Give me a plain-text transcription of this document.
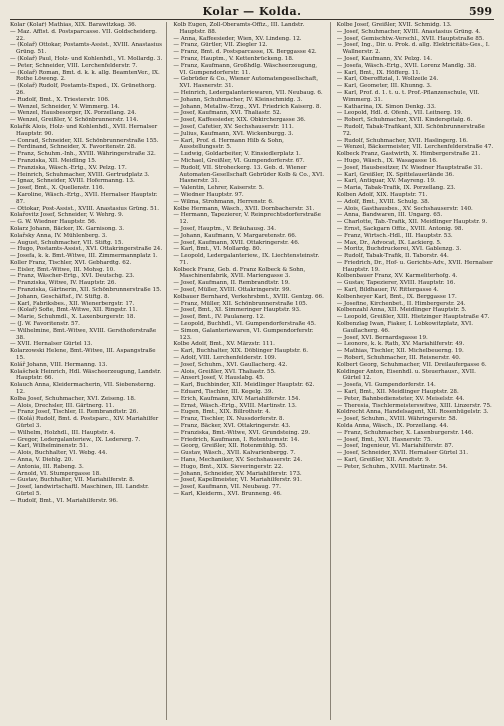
Kolar — Kolda.	599

Kolar (Kolař) Mathias, XIX. Barawitzkag. 36.

— Maz. Affist. d. Postsparcasse. VII. Goldscheiderg. 22.

— (Kolař) Ottokar, Postamts-Assist., XVIII. Anastasius Grüng. 51.

— (Kolař) Paul, Holz- und Kohlenhdl., VI. Mollardg. 3.

— Peter, Schneider, VIII. Lerchenfelderstr. 7.

— (Kolař) Roman, Bmt. d. k. k. allg. BeamtenVer., IX. Rothe Löweng. 2.

— (Kolař) Rudolf, Postamts-Exped., IX. Grünethorg. 26.

— Rudolf, Bmt., X. Triesterstr. 106.

— Wenzel, Schneider, V. Wimmerg. 14.

— Wenzel, Hausbesorger, IX. Porzellang. 24.

— Wenzel, Greißler, V. Schönbrunnerstr. 114.

Kolařik Alois, Holz- und Kohlenhdl., XVII. Hernalser Hauptstr. 90.

— Conrad, Schneider, XII. Schönbrunnerstraße 155.

— Ferdinand, Schneider, X. Favoritenstr. 28.

— Franz, Schuhm.-Inh., XVIII. Währingerstraße 32.

— Franziska, XII. Meidling 15.

— Franziska, Wäsch.-Ertg., XV. Pelzg. 17.

— Heinrich, Schuhmacher, XVIII. Gertrudplatz 3.

— Ignaz, Schneider, XVIII. Hofermanng. 13.

— Josef, Bmt., X. Quellenstr. 116.

— Karoline, Wäsch.-Ertg., XVII. Hernalser Hauptstr. 87.

— Ottokar, Post-Assist., XVIII. Anastasius Grüng. 51.

Kolařovitz Josef, Schneider, V. Wehrg. 9.

— G. W. Wiedner Hauptstr. 56.

Kolarz Johann, Bäcker, IX. Garnisong. 3.

Kolařsky Anna, IV. Mühlenberg. 3.

— August, Schuhmacher, VII. Stiftg. 15.

— Hugo, Postamts-Assist., XVI. Ottakringerstraße 24.

— Josefa, k. k. Bmt.-Witwe, III. Zimmermannplatz 1.

Koller Franz, Tischler, XVI. Gebhardtg. 62.

— Eisler, Bmt.-Witwe, III. Mohsg. 10.

— Franz, Wäscher-Ertg., XVI. Deutschg. 23.

— Franziska, Witwe, IV. Hauptstr. 26.

— Franziska, Gärtnerin, XII. Schönbrunnerstraße 15.

— Johann, Geschäftsf., IV. Stiftg. 8.

— Karl, Fabriksbes., XII. Wienerbergstr. 17.

— (Kolař) Sofie, Bmt.-Witwe, XII. Ringstr. 11.

— Marie, Schuhmdl., X. Laxenburgerstr. 18.

— (J. W. Favoritenstr. 57.

— Wilhelmine, Bmt.-Witwe, XVIII. Gersthoferstraße 38.

— XVII. Hernalser Gürtel 13.

Kolarzowski Helene, Bmt.-Witwe, III. Aspangstraße 15.

Kolář Johann, VIII. Hermanng. 13.

Kolašchek Heinrich, Hdl. Wäscheerzeugung, Landstr. Hauptstr. 66.

Kolauch Anna, Kleidermacherin, VII. Siebensterng. 12.

Kolba Josef, Schuhmacher, XVI. Zeiseng. 18.

— Alois, Drechsler, III. Gärtnerg. 11.

— Franz Josef, Tischler, II. Rembrandtstr. 26.

— (Kolá) Rudolf, Bmt. d. Postsparc., XIV. Mariahilfer Gürtel 3.

— Wilhelm, Holzhdl., III. Hauptstr. 4.

— Gregor, Ledergalanteriew., IX. Ledererg. 7.

— Karl, Wilhelminenstr. 51.

— Alois, Buchhalter, VI. Webg. 44.

— Anna, V. Diehlg. 20.

— Antonia, III. Rabeng. 3.

— Arnold, VI. Stumpergasse 18.

— Gustav, Buchhalter, VII. Mariahilferstr. 8.

— Josef, landwirtschaftl. Maschinen, III. Landstr. Gürtel 5.

— Rudolf, Bmt., VI. Mariahilferstr. 96.

Kolb Eugen, Zoll-Oberamts-Offiz., III. Landstr. Hauptstr. 88.

— Anna, Kaffeesieder, Wien, XV. Lindeng. 12.

— Franz, Gürtler, VII. Ziegler 12.

— Franz, Bmt. d. Postsparcasse, IX. Berggasse 42.

— Franz, Hauptm., V. Kettenbrückeng. 18.

— Franz, Kaufmann, Großhdlg. Wäscheerzeugung, VI. Gumpendorferstr. 11.

— Gebrüder & Co., Wiener Automatengesellschaft, XVI. Hasnerstr. 31.

— Heinrich, Ledergalanteriewaren, VII. Neubaug. 6.

— Johann, Schuhmacher, IV. Kleinschmidg. 3.

— Johann, Metallw.-Erzg., XVI. Friedrich Kaiserg. 8.

— Josef, Kaufmann, XVI. Thaliastr. 52.

— Josef, Kaffeesieder, XIX. Obkirchergasse 36.

— Josef, Cafetier, XV. Sechshauserstr. 111.

— Julius, Kaufmann, XVI. Wickenburgg. 3.

— Karl, Prof. d. Hermann Hilb & Sohn, Ausstellungsstr. 5.

— Ludwig, Goldarbeiter, V. Einsiedlerplatz 1.

— Michael, Greißler, VI. Gumpendorferstr. 67.

— Rudolf, VII. Stroheckerg. 13. Geb. d. Wiener Automaten-Gesellschaft Gebrüder Kolb & Co., XVI. Hasnerstr. 31.

— Valentin, Lehrer, Kaiserstr. 5.

— Wiedner Hauptstr. 97.

— Wilma, Strohmann, Herrenstr. 6.

Kolbe Hermann, Wäsch., XVII. Dornbacherstr. 31.

— Hermann, Tapezierer, V. Reinprechtsdorferstraße 12.

— Josef, Hauptm., V. Bräuhausg. 34.

— Johann, Kaufmann, V. Margaretenstr. 66.

— Josef, Kaufmann, XVII. Ottakringerstr. 46.

— Karl, Bmt., VI. Mollardg. 80.

— Leopold, Ledergalanteriew., IX. Liechtensteinstr. 71.

Kolbeck Franz, Geb. d. Franz Kolbeck & Sohn, Maschinenfabrik, XVII. Mariengasse 3.

— Josef, Kaufmann, II. Rembrandtstr. 19.

— Josef, Müller, XVIII. Ottakringerstr. 99.

Kolbauer Bernhard, Verkehrsbmt., XVIII. Gentzg. 66.

— Franz, Müller, XII. Schönbrunnerstraße 105.

— Josef, Bmt., XI. Simmeringer Hauptstr. 93.

— Josef, Bmt., IV. Paulanerg. 12.

— Leopold, Buchhdl., VI. Gumpendorferstraße 45.

— Simon, Galanteriewaren, VI. Gumpendorferstr. 123.

Kolbe Adolf, Bmt., XV. Märzstr. 111.

— Karl, Buchhalter, XIX. Döblinger Hauptstr. 6.

— Adolf, VIII. Lerchenfelderstr. 109.

— Josef, Schuhm., XVI. Gaullacherg. 42.

— Alois, Greißler, XVI. Thaliastr. 55.

— Ansert Josef, V. Hauslabg. 45.

— Karl, Buchbinder, XII. Meidlinger Hauptstr. 62.

— Eduard, Tischler, III. Kegelg. 39.

— Erich, Kaufmann, XIV. Mariahilferstr. 154.

— Ernst, Wäsch.-Ertg., XVIII. Martinstr. 13.

— Eugen, Bmt., XIX. Billrothstr. 4.

— Franz, Tischler, IX. Nussdorferstr. 8.

— Franz, Bäcker, XVI. Ottakringerstr. 43.

— Franziska, Bmt.-Witwe, XVI. Grundsteing. 29.

— Friedrich, Kaufmann, I. Rotenturmstr. 14.

— Georg, Greißler, XII. Rotenmühlg. 55.

— Gustav, Wäsch., XVII. Kalvarienbergg. 7.

— Hans, Mechaniker, XV. Sechshauserstr. 24.

— Hugo, Bmt., XIX. Sieveringerstr. 22.

— Johann, Schneider, XV. Mariahilferstr. 173.

— Josef, Kapellmeister, VI. Mariahilferstr. 91.

— Josef, Kaufmann, VII. Neubaug. 77.

— Karl, Kleiderm., XVI. Brunneng. 46.

Kolbe Josef, Greißler, XVII. Schmidg. 13.

— Josef, Schuhmacher, XVIII. Anastasius Grüng. 4.

— Josef, Gemischtw.-Verschl., XVII. Hauptstraße 85.

— Josef, Ing., Dir. u. Prok. d. allg. Elektricitäts-Ges., I. Wallnerstr. 2.

— Josef, Kaufmann, XV. Pelzg. 14.

— Josefa, Wäsch.-Ertg., XVII. Lorenz Mandlg. 38.

— Karl, Bmt., IX. Höfferg. 11.

— Karl, Oberoffizial, I. Wollzeile 24.

— Karl, Geometer, III. Khunng. 3.

— Karl, Prof. d. 1. t. u. t. Prof.-Pflanzenschule, VII. Wimmerg. 31.

— Katharina, IX. Simon Denkg. 33.

— Leopold, Hdl. d. Ofenh., VII. Leitnerg. 19.

— Robert, Schuhmacher, XVII. Kinderspitalg. 6.

— Rudolf, Tabak-Trafikant, XII. Schönbrunnerstraße 72.

— Rudolf, Schuhmacher, XVII. Haslingerg. 16.

— Wenzel, Bäckermeister, VII. Lerchenfelderstraße 47.

Kolbeck Franz, Gastwirth, X. Himbergerstraße 21.

— Hugo, Wäsch., IX. Wasagasse 16.

— Josef, Hausbesitzer, IV. Wiedner Hauptstraße 31.

— Karl, Greißler, IX. Spittelauerlände 36.

— Karl, Antiquar, XV. Mayreng. 19.

— Maria, Tabak-Trafik, IX. Porzellang. 23.

Kolben Adolf, XIX. Hauptstr. 71.

— Adolf, Bmt., XVIII. Schulg. 38.

— Alois, Gasthausbes., XV. Sechshauserstr. 140.

— Anna, Bandwaren, III. Ungarg. 65.

— Charlotte, Tab.-Trafik, XII. Meidlinger Hauptstr. 9.

— Ernst, Sackgarn Offiz., XVIII. Antonig. 98.

— Franz, Wirtsch.-Hdl., III. Hauptstr. 53.

— Max, Dr., Advocat, IX. Lackierg. 5.

— Moritz, Buchdruckerei, XVI. Gablenzg. 3.

— Rudolf, Tabak-Trafik, II. Taborstr. 44.

— Friedrich, Dr., Hof- u. Gerichts-Adv., XVII. Hernalser Hauptstr. 19.

Kolbenbauer Franz, XV. Karmeliterhofg. 4.

— Gustav, Tapezierer, XVIII. Hauptstr. 16.

— Karl, Bildhauer, IV. Rittergasse 4.

Kolbenheyer Karl, Bmt., IX. Berggasse 17.

— Josefine, Kirchenbet., II. Himbergerstr. 24.

Kolbenzahl Anna, XII. Meidlinger Hauptstr. 5.

— Leopold, Greißler, XIII. Hietzinger Hauptstraße 47.

Kolbenzlag Iwan, Fiaker, I. Lobkowitzplatz, XVI. Gaullacherg. 46.

— Josef, XVI. Bernardsgasse 19.

— Leonore, k. k. Rath, XV. Mariahilferstr. 49.

— Mathias, Tischler, XII. Michelbeuerng. 19.

— Robert, Schuhmacher, III. Reisnerstr. 40.

Kolbert Georg, Schuhmacher, VII. Dreilaufergasse 6.

Koldinger Anton, Eisenhdl. u. Steuerhausr., XVII. Gürtel 12.

— Josefa, VI. Gumpendorferstr. 14.

— Karl, Bmt., XII. Meidlinger Hauptstr. 28.

— Peter, Bahnbediensteter, XV. Meiselstr. 44.

— Theresia, Tischlermeisterswitwe, XIII. Linzerstr. 75.

Koldrecht Anna, Handelsagent, XII. Rosenhügelstr. 3.

— Josef, Schuhm., XVIII. Währingerstr. 58.

Kolda Anna, Wäsch., IX. Porzellang. 44.

— Franz, Schuhmacher, X. Laxenburgerstr. 146.

— Josef, Bmt., XVI. Hasnerstr. 75.

— Josef, Ingenieur, VI. Mariahilferstr. 87.

— Josef, Schneider, XVII. Hernalser Gürtel 31.

— Karl, Greißler, XII. Arndtstr. 9.

— Peter, Schuhm., XVIII. Martinstr. 54.
